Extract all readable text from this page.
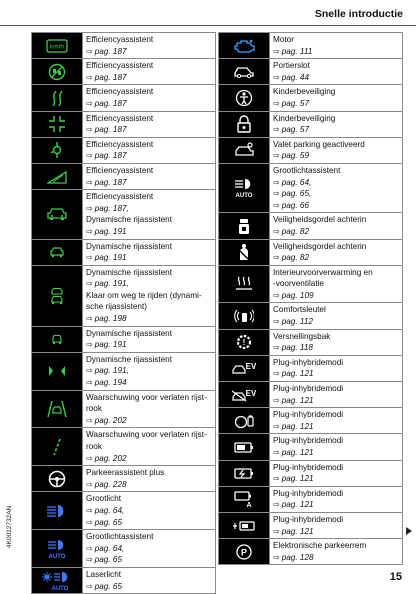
Snelle introductie
km/h	Efficiencyassistent
⇨ pag. 187

Efficiencyassistent
⇨ pag. 187

Efficiencyassistent
⇨ pag. 187

Efficiencyassistent
⇨ pag. 187

Efficiencyassistent
⇨ pag. 187

Efficiencyassistent
⇨ pag. 187

Efficiencyassistent
⇨ pag. 187,
Dynamische rijassistent
⇨ pag. 191

Dynamische rijassistent
⇨ pag. 191

Dynamische rijassistent
⇨ pag. 191,
Klaar om weg te rijden (dynami-
sche rijassistent)
⇨ pag. 198

Dynamische rijassistent
⇨ pag. 191

Dynamische rijassistent
⇨ pag. 191,
⇨ pag. 194

Waarschuwing voor verlaten rijst-
rook
⇨ pag. 202

Waarschuwing voor verlaten rijst-
rook
⇨ pag. 202

Parkeerassistent plus
⇨ pag. 228

Grootlicht
⇨ pag. 64,
⇨ pag. 65

AUTO	Grootlichtassistent
⇨ pag. 64,
⇨ pag. 65

AUTO	Laserlicht
⇨ pag. 65

Motor
⇨ pag. 111

Portierslot
⇨ pag. 44

Kinderbeveiliging
⇨ pag. 57

Kinderbeveiliging
⇨ pag. 57

Valet parking geactiveerd
⇨ pag. 59

AUTO	Grootlichtassistent
⇨ pag. 64,
⇨ pag. 65,
⇨ pag. 66

Veiligheidsgordel achterin
⇨ pag. 82

Veiligheidsgordel achterin
⇨ pag. 82

Interieurvoorverwarming en
-voorventilatie
⇨ pag. 109

Comfortsleutel
⇨ pag. 112

!	Versnellingsbak
⇨ pag. 118

EV	Plug-inhybridemodi
⇨ pag. 121

EV	Plug-inhybridemodi
⇨ pag. 121

Plug-inhybridemodi
⇨ pag. 121

Plug-inhybridemodi
⇨ pag. 121

Plug-inhybridemodi
⇨ pag. 121

A	Plug-inhybridemodi
⇨ pag. 121

Plug-inhybridemodi
⇨ pag. 121

P	Elektronische parkeerrem
⇨ pag. 128
4K0012732AN
15
